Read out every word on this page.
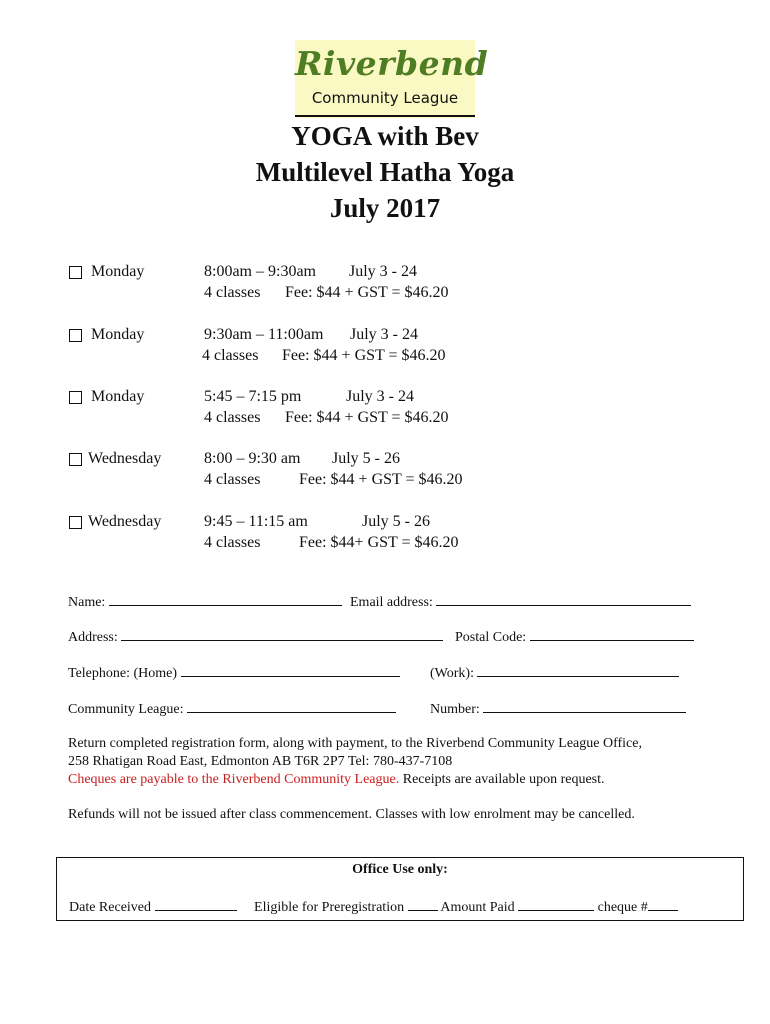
Riverbend
Community League
YOGA with Bev
Multilevel Hatha Yoga
July 2017
Monday	8:00am – 9:30am July 3 - 24
4 classes Fee: $44 + GST = $46.20
Monday	9:30am – 11:00am July 3 - 24
4 classes Fee: $44 + GST = $46.20
Monday	5:45 – 7:15 pm	July 3 - 24
4 classes Fee: $44 + GST = $46.20
Wednesday	8:00 – 9:30 am July 5 - 26
4 classes Fee: $44 + GST = $46.20
Wednesday	9:45 – 11:15 am	July 5 - 26
4 classes Fee: $44+ GST = $46.20
Name:	Email address:
Address:	Postal Code:
Telephone: (Home)	(Work):
Community League:	Number:
Return completed registration form, along with payment, to the Riverbend Community League Office,
258 Rhatigan Road East, Edmonton AB T6R 2P7 Tel: 780-437-7108
Cheques are payable to the Riverbend Community League. Receipts are available upon request.
Refunds will not be issued after class commencement. Classes with low enrolment may be cancelled.
Office Use only:
Date Received	Eligible for Preregistration	Amount Paid	cheque #
